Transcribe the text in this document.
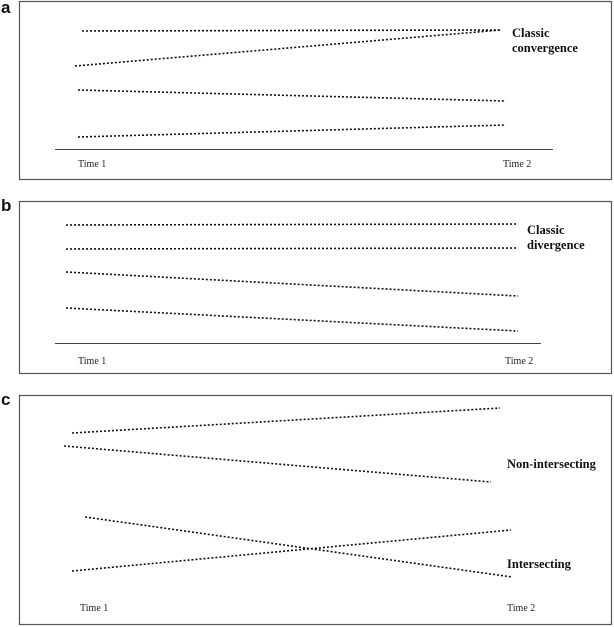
a
b
c
Time 1	Time 2
Classic
convergence
Time 1	Time 2
Classic
divergence
Time 1	Time 2
Non-intersecting
Intersecting
